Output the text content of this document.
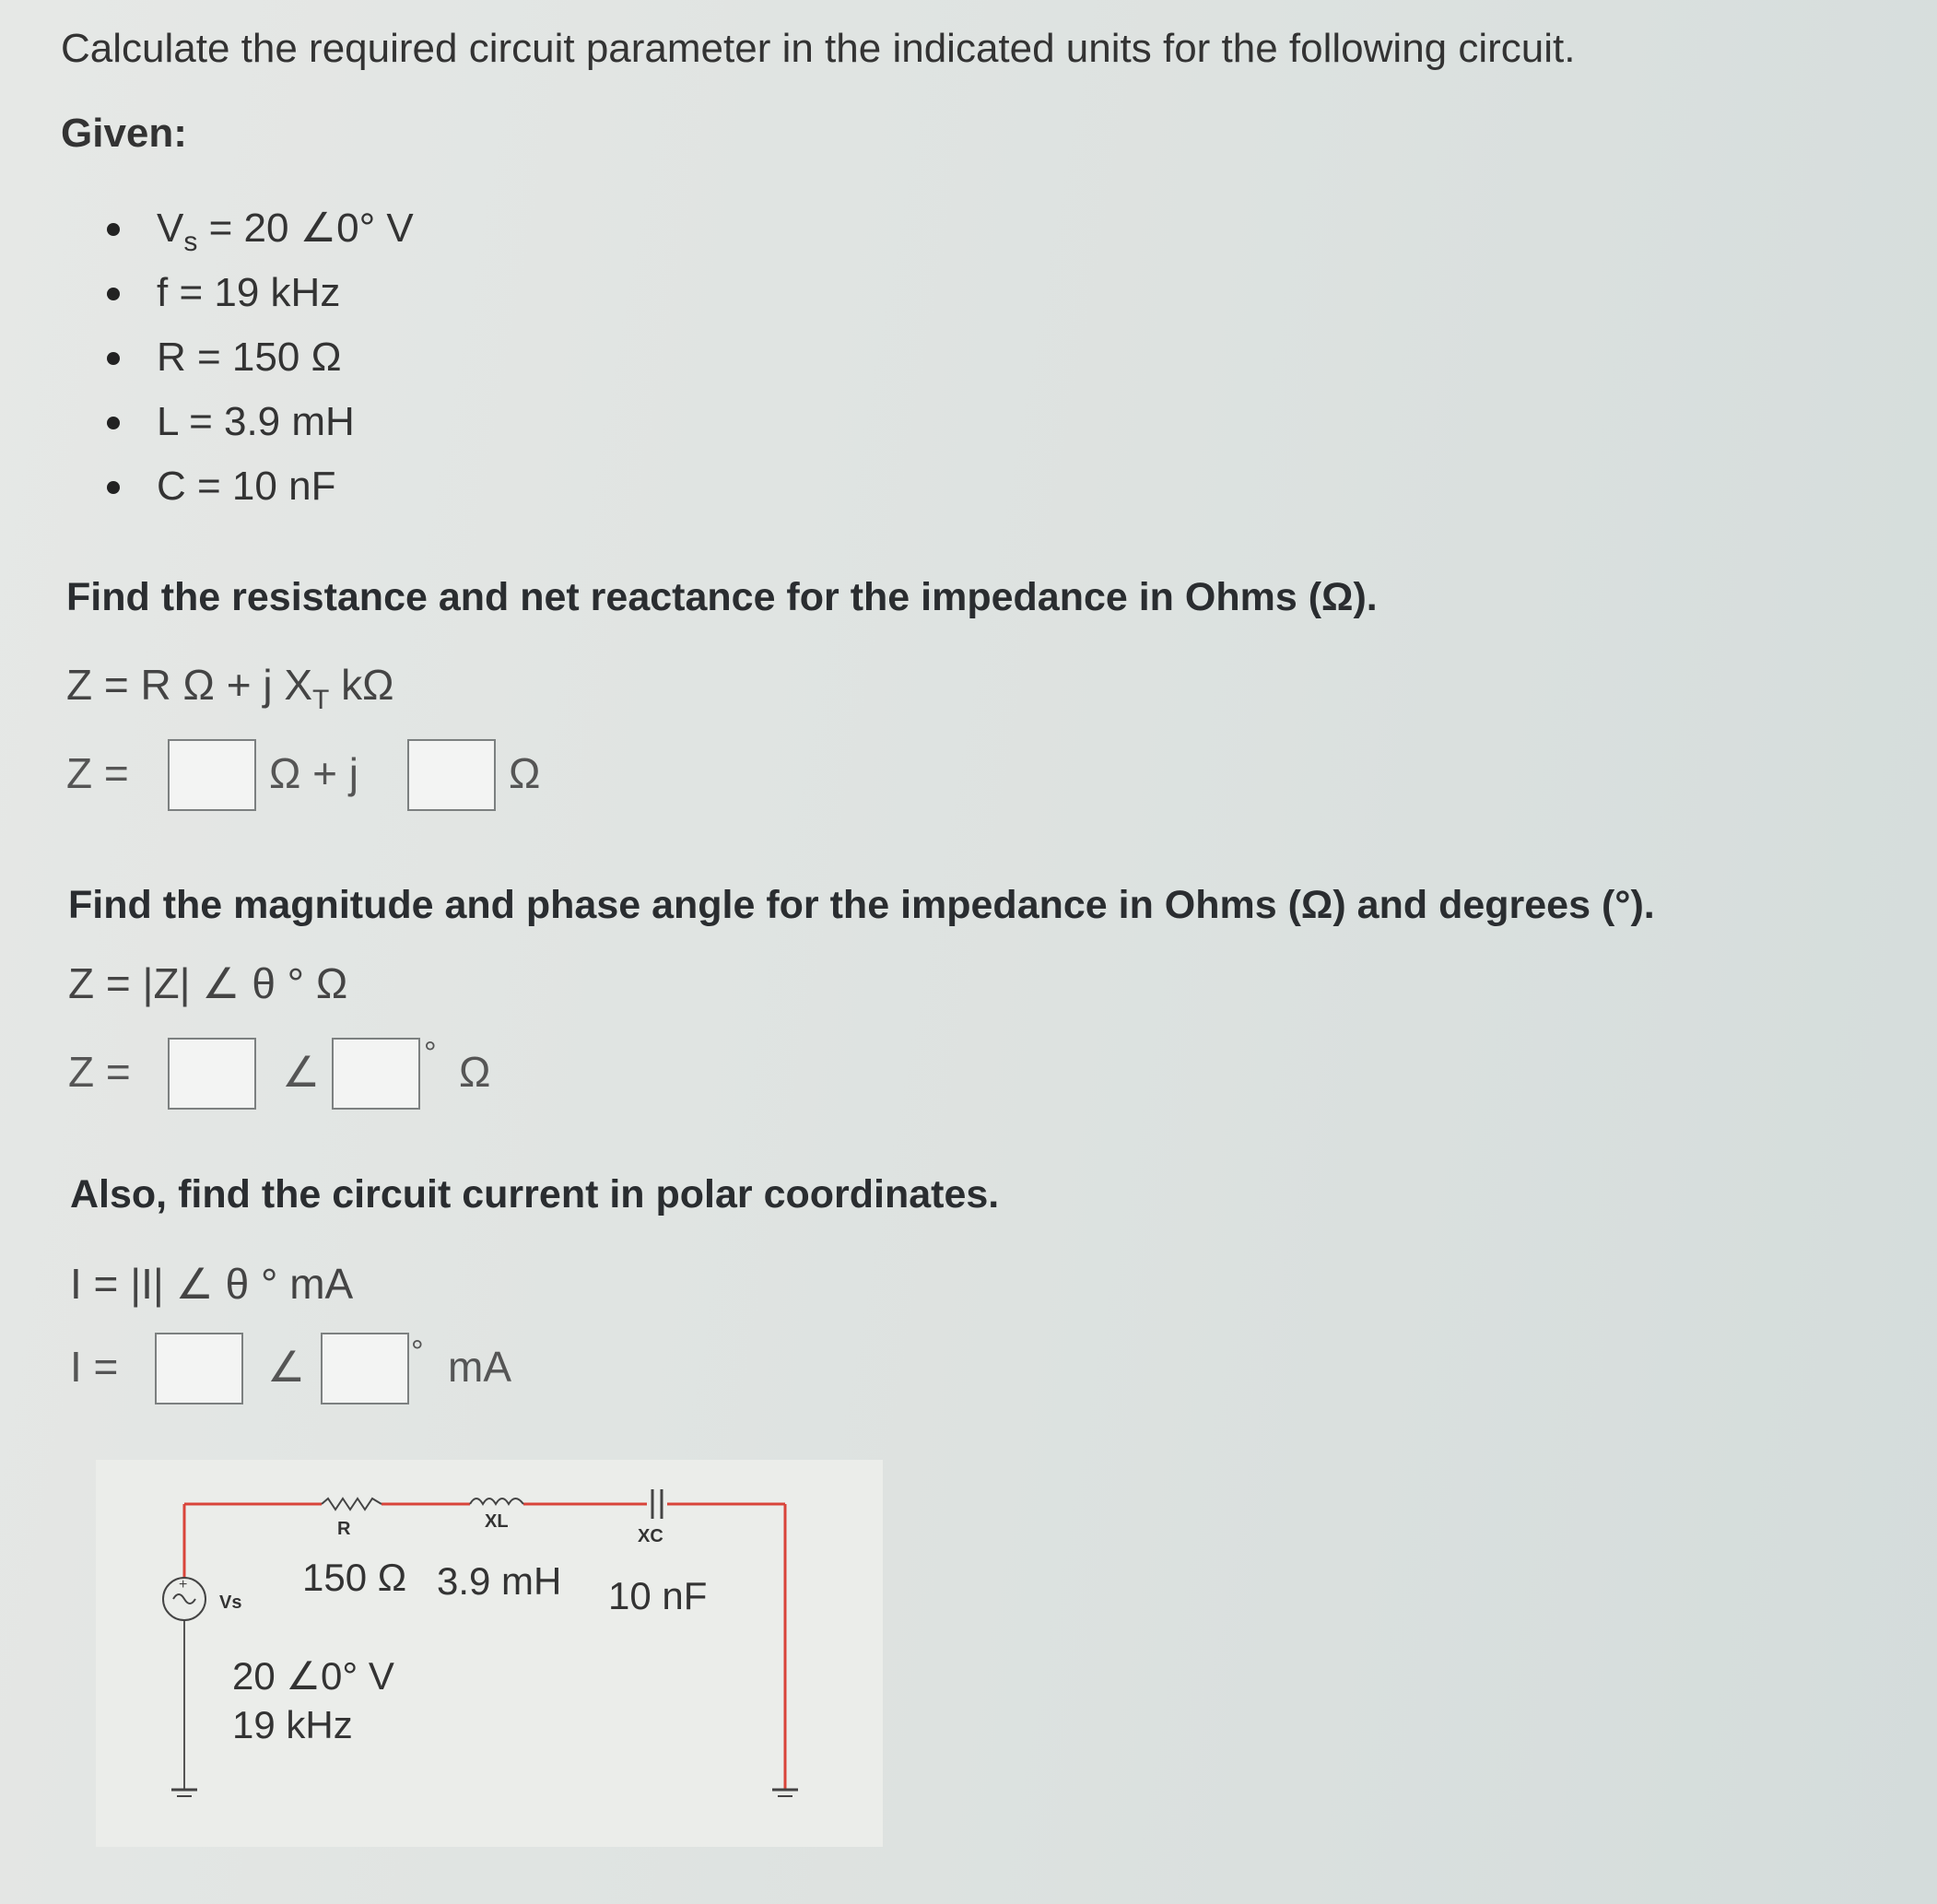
Calculate the required circuit parameter in the indicated units for the following circuit.
Given:
$V_s = 20$ ∠0° V
f = 19 kHz
R = 150 Ω
L = 3.9 mH
C = 10 nF
Find the resistance and net reactance for the impedance in Ohms (Ω).
Z = R Ω + j $X_T$ kΩ
Z =	Ω + j	Ω
Find the magnitude and phase angle for the impedance in Ohms (Ω) and degrees (°).
Z = |Z| ∠ θ ° Ω
Z =	∠	° Ω
Also, find the circuit current in polar coordinates.
I = |I| ∠ θ ° mA
I =	∠	° mA
+
R	XL
XC
150 Ω 3.9 mH 10 nF
Vs
20 ∠0° V
19 kHz
